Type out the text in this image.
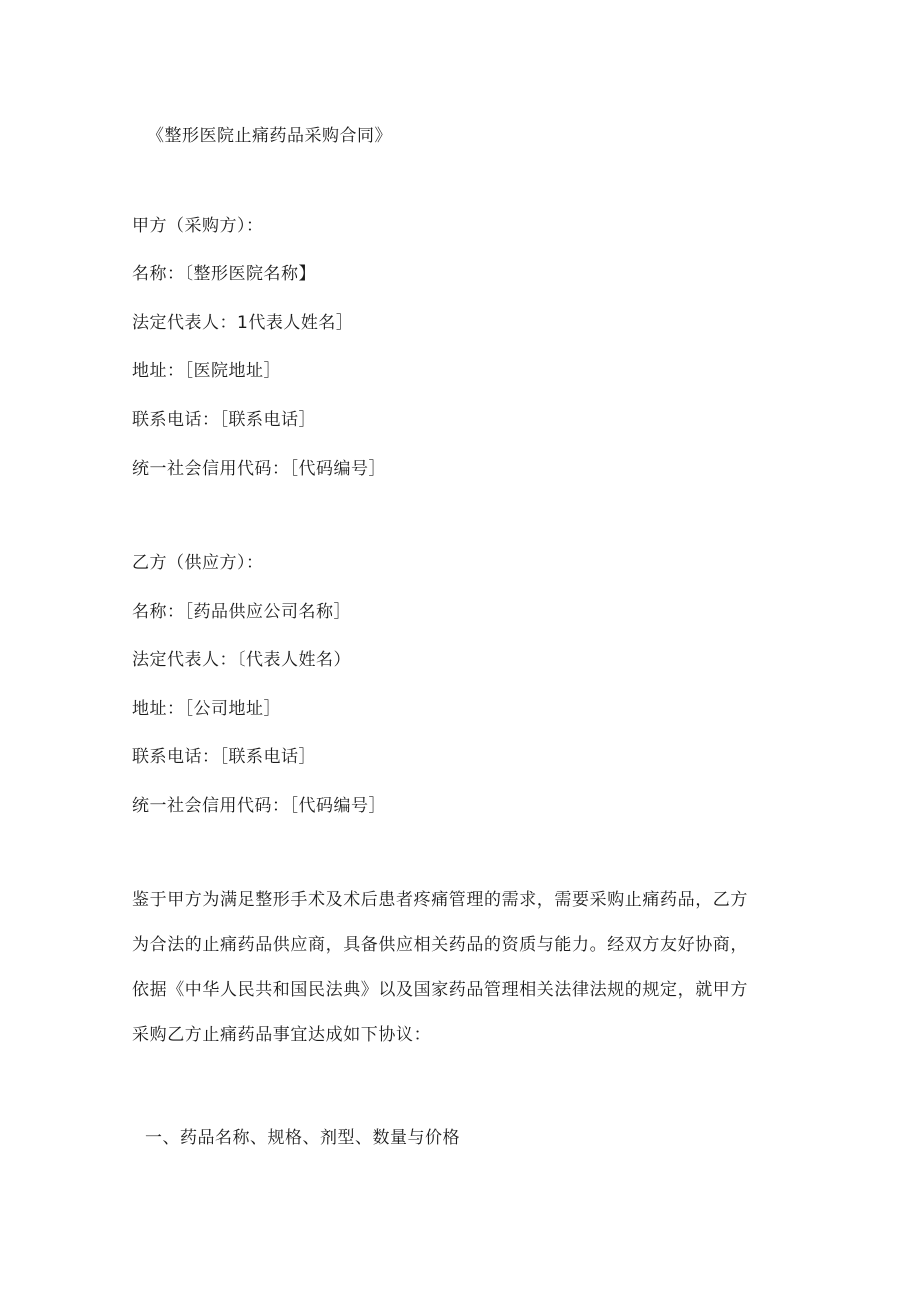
《整形医院止痛药品采购合同》
甲方（采购方）：
名称：〔整形医院名称】
法定代表人：1代表人姓名］
地址：［医院地址］
联系电话：［联系电话］
统一社会信用代码：［代码编号］
乙方（供应方）：
名称：［药品供应公司名称］
法定代表人：〔代表人姓名）
地址：［公司地址］
联系电话：［联系电话］
统一社会信用代码：［代码编号］
鉴于甲方为满足整形手术及术后患者疼痛管理的需求，需要采购止痛药品，乙方
为合法的止痛药品供应商，具备供应相关药品的资质与能力。经双方友好协商，
依据《中华人民共和国民法典》以及国家药品管理相关法律法规的规定，就甲方
采购乙方止痛药品事宜达成如下协议：
一、药品名称、规格、剂型、数量与价格
